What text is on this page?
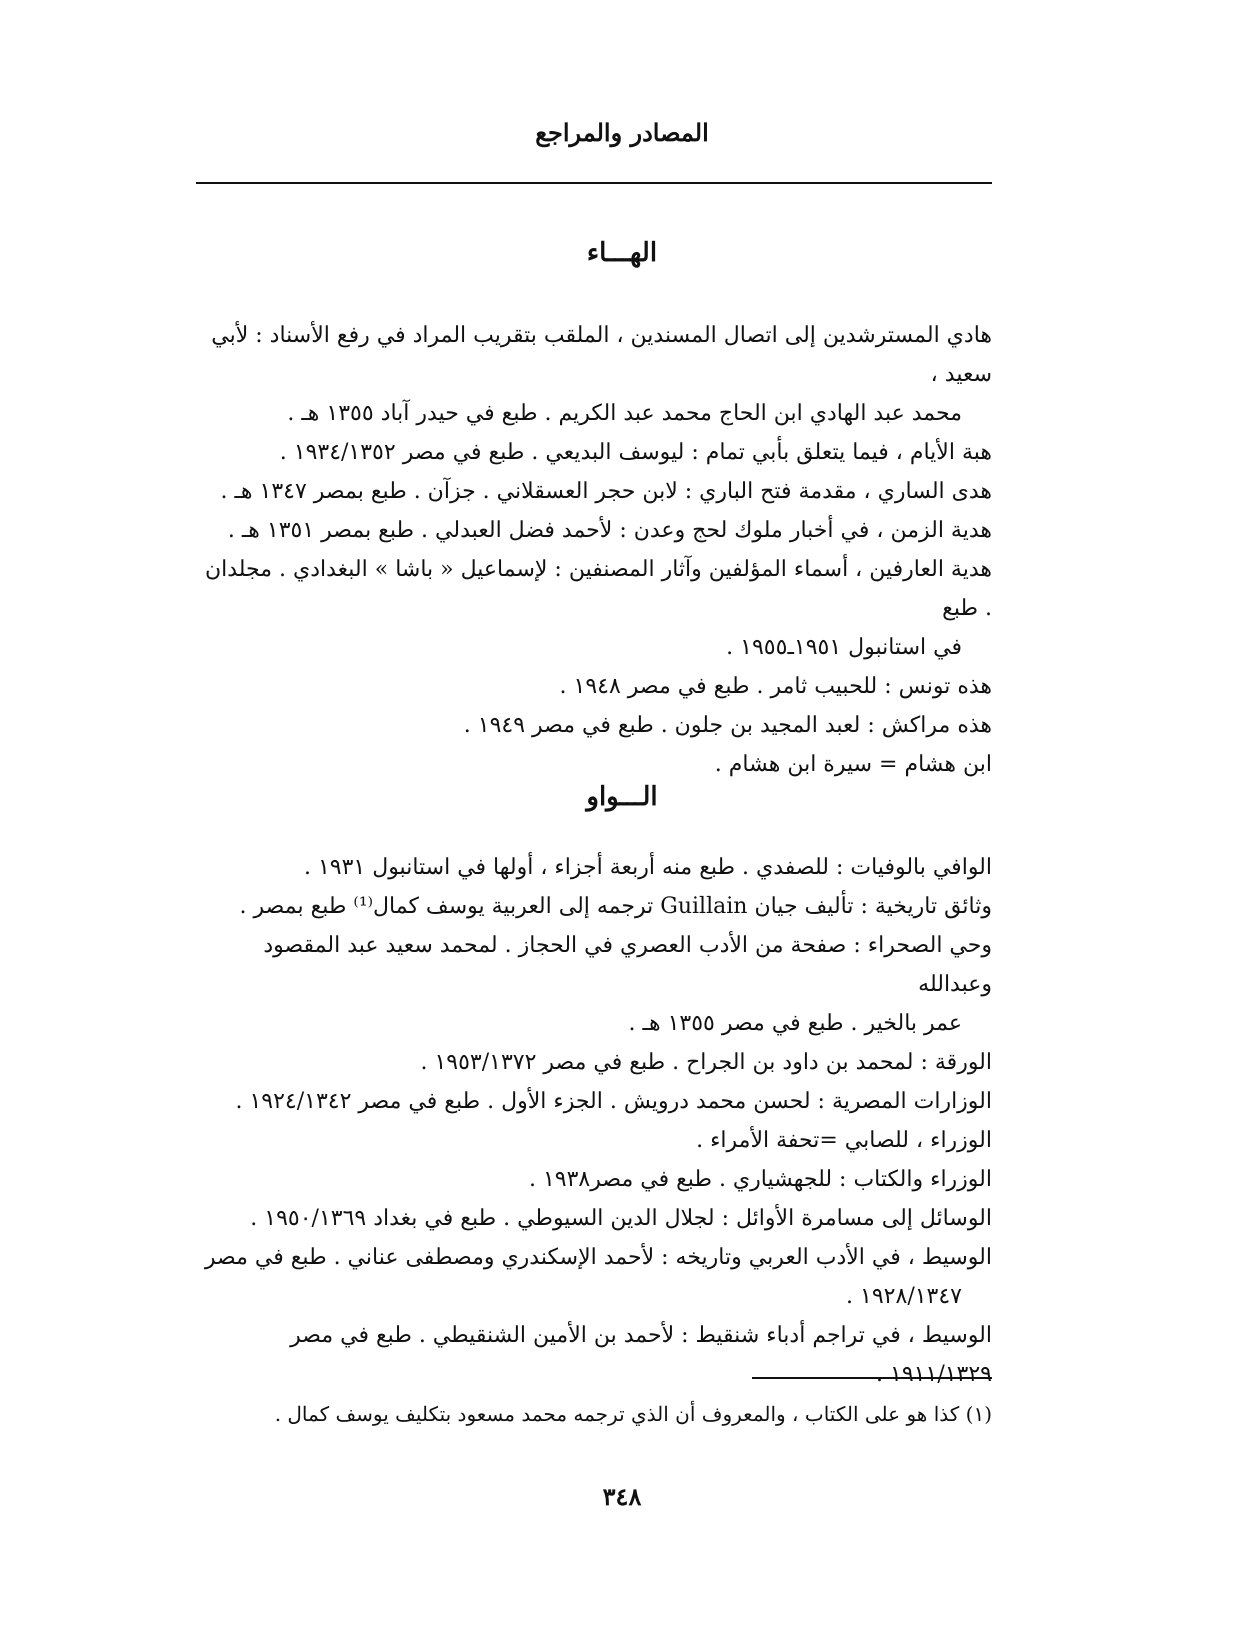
المصادر والمراجع
الهـــاء

هادي المسترشدين إلى اتصال المسندين ، الملقب بتقريب المراد في رفع الأسناد : لأبي سعيد ،
محمد عبد الهادي ابن الحاج محمد عبد الكريم . طبع في حيدر آباد ١٣٥٥ هـ .

هبة الأيام ، فيما يتعلق بأبي تمام : ليوسف البديعي . طبع في مصر ١٩٣٤/١٣٥٢ .

هدى الساري ، مقدمة فتح الباري : لابن حجر العسقلاني . جزآن . طبع بمصر ١٣٤٧ هـ .

هدية الزمن ، في أخبار ملوك لحج وعدن : لأحمد فضل العبدلي . طبع بمصر ١٣٥١ هـ .

هدية العارفين ، أسماء المؤلفين وآثار المصنفين : لإسماعيل « باشا » البغدادي . مجلدان . طبع
في استانبول ١٩٥١ـ١٩٥٥ .

هذه تونس : للحبيب ثامر . طبع في مصر ١٩٤٨ .

هذه مراكش : لعبد المجيد بن جلون . طبع في مصر ١٩٤٩ .

ابن هشام = سيرة ابن هشام .

الـــواو

الوافي بالوفيات : للصفدي . طبع منه أربعة أجزاء ، أولها في استانبول ١٩٣١ .

وثائق تاريخية : تأليف جيان Guillain ترجمه إلى العربية يوسف كمال⁽¹⁾ طبع بمصر .

وحي الصحراء : صفحة من الأدب العصري في الحجاز . لمحمد سعيد عبد المقصود وعبدالله
عمر بالخير . طبع في مصر ١٣٥٥ هـ .

الورقة : لمحمد بن داود بن الجراح . طبع في مصر ١٩٥٣/١٣٧٢ .

الوزارات المصرية : لحسن محمد درويش . الجزء الأول . طبع في مصر ١٩٢٤/١٣٤٢ .

الوزراء ، للصابي =تحفة الأمراء .

الوزراء والكتاب : للجهشياري . طبع في مصر١٩٣٨ .

الوسائل إلى مسامرة الأوائل : لجلال الدين السيوطي . طبع في بغداد ١٩٥٠/١٣٦٩ .

الوسيط ، في الأدب العربي وتاريخه : لأحمد الإسكندري ومصطفى عناني . طبع في مصر
١٩٢٨/١٣٤٧ .

الوسيط ، في تراجم أدباء شنقيط : لأحمد بن الأمين الشنقيطي . طبع في مصر ١٩١١/١٣٢٩ .

(١) كذا هو على الكتاب ، والمعروف أن الذي ترجمه محمد مسعود بتكليف يوسف كمال .
٣٤٨
